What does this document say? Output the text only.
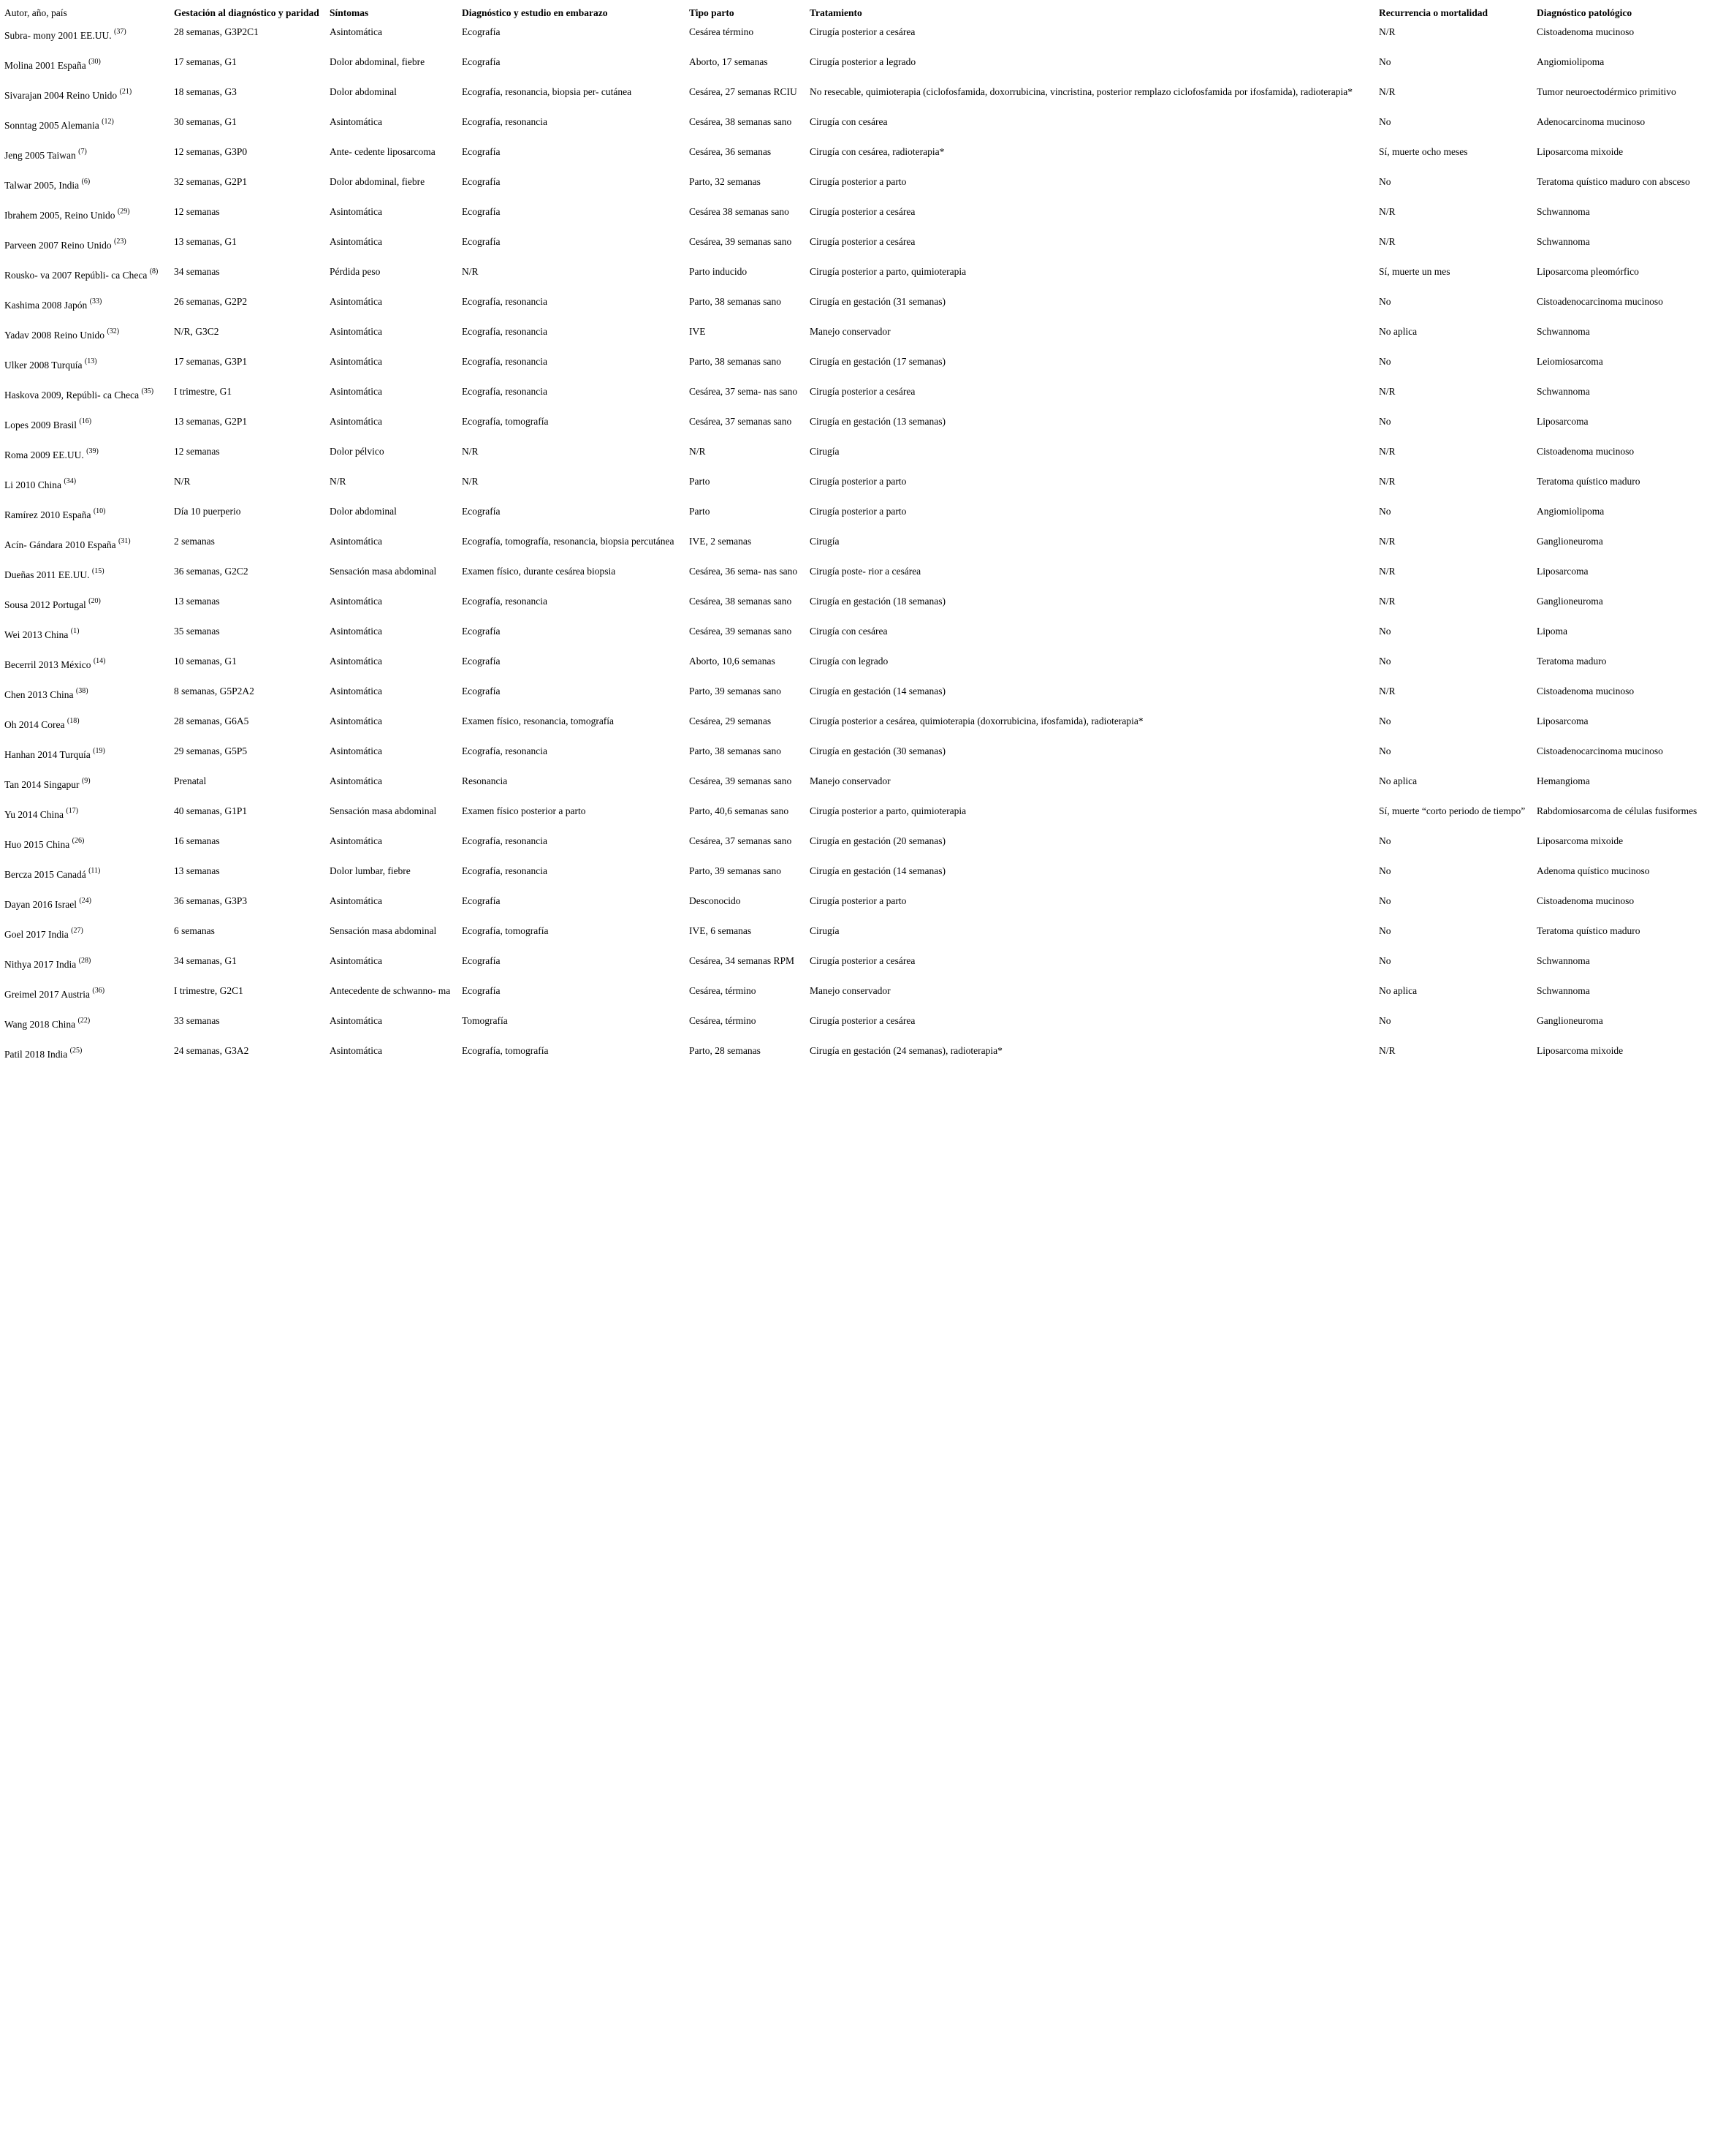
Autor, año, país	Gestación al diagnóstico y paridad	Síntomas	Diagnóstico y estudio en embarazo	Tipo parto	Tratamiento	Recurrencia o mortalidad	Diagnóstico patológico
Subra- mony 2001 EE.UU. $^{(37)}$	28 semanas, G3P2C1	Asintomática	Ecografía	Cesárea término	Cirugía posterior a cesárea	N/R	Cistoadenoma mucinoso
Molina 2001 España $^{(30)}$	17 semanas, G1	Dolor abdominal, fiebre	Ecografía	Aborto, 17 semanas	Cirugía posterior a legrado	No	Angiomiolipoma
Sivarajan 2004 Reino Unido $^{(21)}$	18 semanas, G3	Dolor abdominal	Ecografía, resonancia, biopsia per- cutánea	Cesárea, 27 semanas RCIU	No resecable, quimioterapia (ciclofosfamida, doxorrubicina, vincristina, posterior remplazo ciclofosfamida por ifosfamida), radioterapia*	N/R	Tumor neuroectodérmico primitivo
Sonntag 2005 Alemania $^{(12)}$	30 semanas, G1	Asintomática	Ecografía, resonancia	Cesárea, 38 semanas sano	Cirugía con cesárea	No	Adenocarcinoma mucinoso
Jeng 2005 Taiwan $^{(7)}$	12 semanas, G3P0	Ante- cedente liposarcoma	Ecografía	Cesárea, 36 semanas	Cirugía con cesárea, radioterapia*	Sí, muerte ocho meses	Liposarcoma mixoide
Talwar 2005, India $^{(6)}$	32 semanas, G2P1	Dolor abdominal, fiebre	Ecografía	Parto, 32 semanas	Cirugía posterior a parto	No	Teratoma quístico maduro con absceso
Ibrahem 2005, Reino Unido $^{(29)}$	12 semanas	Asintomática	Ecografía	Cesárea 38 semanas sano	Cirugía posterior a cesárea	N/R	Schwannoma
Parveen 2007 Reino Unido $^{(23)}$	13 semanas, G1	Asintomática	Ecografía	Cesárea, 39 semanas sano	Cirugía posterior a cesárea	N/R	Schwannoma
Rousko- va 2007 Repúbli- ca Checa $^{(8)}$	34 semanas	Pérdida peso	N/R	Parto inducido	Cirugía posterior a parto, quimioterapia	Sí, muerte un mes	Liposarcoma pleomórfico
Kashima 2008 Japón $^{(33)}$	26 semanas, G2P2	Asintomática	Ecografía, resonancia	Parto, 38 semanas sano	Cirugía en gestación (31 semanas)	No	Cistoadenocarcinoma mucinoso
Yadav 2008 Reino Unido $^{(32)}$	N/R, G3C2	Asintomática	Ecografía, resonancia	IVE	Manejo conservador	No aplica	Schwannoma
Ulker 2008 Turquía $^{(13)}$	17 semanas, G3P1	Asintomática	Ecografía, resonancia	Parto, 38 semanas sano	Cirugía en gestación (17 semanas)	No	Leiomiosarcoma
Haskova 2009, Repúbli- ca Checa $^{(35)}$	I trimestre, G1	Asintomática	Ecografía, resonancia	Cesárea, 37 sema- nas sano	Cirugía posterior a cesárea	N/R	Schwannoma
Lopes 2009 Brasil $^{(16)}$	13 semanas, G2P1	Asintomática	Ecografía, tomografía	Cesárea, 37 semanas sano	Cirugía en gestación (13 semanas)	No	Liposarcoma
Roma 2009 EE.UU. $^{(39)}$	12 semanas	Dolor pélvico	N/R	N/R	Cirugía	N/R	Cistoadenoma mucinoso
Li 2010 China $^{(34)}$	N/R	N/R	N/R	Parto	Cirugía posterior a parto	N/R	Teratoma quístico maduro
Ramírez 2010 España $^{(10)}$	Día 10 puerperio	Dolor abdominal	Ecografía	Parto	Cirugía posterior a parto	No	Angiomiolipoma
Acín- Gándara 2010 España $^{(31)}$	2 semanas	Asintomática	Ecografía, tomografía, resonancia, biopsia percutánea	IVE, 2 semanas	Cirugía	N/R	Ganglioneuroma
Dueñas 2011 EE.UU. $^{(15)}$	36 semanas, G2C2	Sensación masa abdominal	Examen físico, durante cesárea biopsia	Cesárea, 36 sema- nas sano	Cirugía poste- rior a cesárea	N/R	Liposarcoma
Sousa 2012 Portugal $^{(20)}$	13 semanas	Asintomática	Ecografía, resonancia	Cesárea, 38 semanas sano	Cirugía en gestación (18 semanas)	N/R	Ganglioneuroma
Wei 2013 China $^{(1)}$	35 semanas	Asintomática	Ecografía	Cesárea, 39 semanas sano	Cirugía con cesárea	No	Lipoma
Becerril 2013 México $^{(14)}$	10 semanas, G1	Asintomática	Ecografía	Aborto, 10,6 semanas	Cirugía con legrado	No	Teratoma maduro
Chen 2013 China $^{(38)}$	8 semanas, G5P2A2	Asintomática	Ecografía	Parto, 39 semanas sano	Cirugía en gestación (14 semanas)	N/R	Cistoadenoma mucinoso
Oh 2014 Corea $^{(18)}$	28 semanas, G6A5	Asintomática	Examen físico, resonancia, tomografía	Cesárea, 29 semanas	Cirugía posterior a cesárea, quimioterapia (doxorrubicina, ifosfamida), radioterapia*	No	Liposarcoma
Hanhan 2014 Turquía $^{(19)}$	29 semanas, G5P5	Asintomática	Ecografía, resonancia	Parto, 38 semanas sano	Cirugía en gestación (30 semanas)	No	Cistoadenocarcinoma mucinoso
Tan 2014 Singapur $^{(9)}$	Prenatal	Asintomática	Resonancia	Cesárea, 39 semanas sano	Manejo conservador	No aplica	Hemangioma
Yu 2014 China $^{(17)}$	40 semanas, G1P1	Sensación masa abdominal	Examen físico posterior a parto	Parto, 40,6 semanas sano	Cirugía posterior a parto, quimioterapia	Sí, muerte “corto periodo de tiempo”	Rabdomiosarcoma de células fusiformes
Huo 2015 China $^{(26)}$	16 semanas	Asintomática	Ecografía, resonancia	Cesárea, 37 semanas sano	Cirugía en gestación (20 semanas)	No	Liposarcoma mixoide
Bercza 2015 Canadá $^{(11)}$	13 semanas	Dolor lumbar, fiebre	Ecografía, resonancia	Parto, 39 semanas sano	Cirugía en gestación (14 semanas)	No	Adenoma quístico mucinoso
Dayan 2016 Israel $^{(24)}$	36 semanas, G3P3	Asintomática	Ecografía	Desconocido	Cirugía posterior a parto	No	Cistoadenoma mucinoso
Goel 2017 India $^{(27)}$	6 semanas	Sensación masa abdominal	Ecografía, tomografía	IVE, 6 semanas	Cirugía	No	Teratoma quístico maduro
Nithya 2017 India $^{(28)}$	34 semanas, G1	Asintomática	Ecografía	Cesárea, 34 semanas RPM	Cirugía posterior a cesárea	No	Schwannoma
Greimel 2017 Austria $^{(36)}$	I trimestre, G2C1	Antecedente de schwanno- ma	Ecografía	Cesárea, término	Manejo conservador	No aplica	Schwannoma
Wang 2018 China $^{(22)}$	33 semanas	Asintomática	Tomografía	Cesárea, término	Cirugía posterior a cesárea	No	Ganglioneuroma
Patil 2018 India $^{(25)}$	24 semanas, G3A2	Asintomática	Ecografía, tomografía	Parto, 28 semanas	Cirugía en gestación (24 semanas), radioterapia*	N/R	Liposarcoma mixoide
